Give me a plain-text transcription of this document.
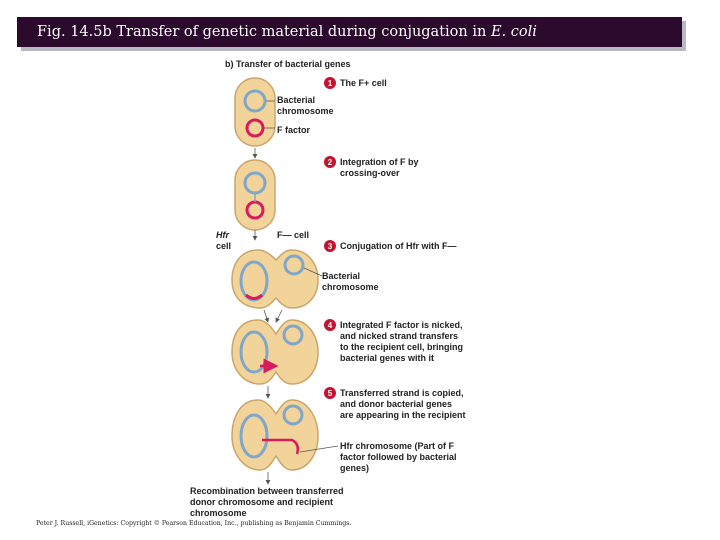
Fig. 14.5b Transfer of genetic material during conjugation in E. coli
b) Transfer of bacterial genes
Bacterial
chromosome
F factor
Hfr
cell
F— cell
Bacterial
chromosome
1
2
3
4
5
The F+ cell
Integration of F by
crossing-over
Conjugation of Hfr with F—
Integrated F factor is nicked,
and nicked strand transfers
to the recipient cell, bringing
bacterial genes with it
Transferred strand is copied,
and donor bacterial genes
are appearing in the recipient
Hfr chromosome (Part of F
factor followed by bacterial
genes)
Recombination between transferred
donor chromosome and recipient
chromosome
Peter J. Russell, iGenetics: Copyright © Pearson Education, Inc., publishing as Benjamin Cummings.
